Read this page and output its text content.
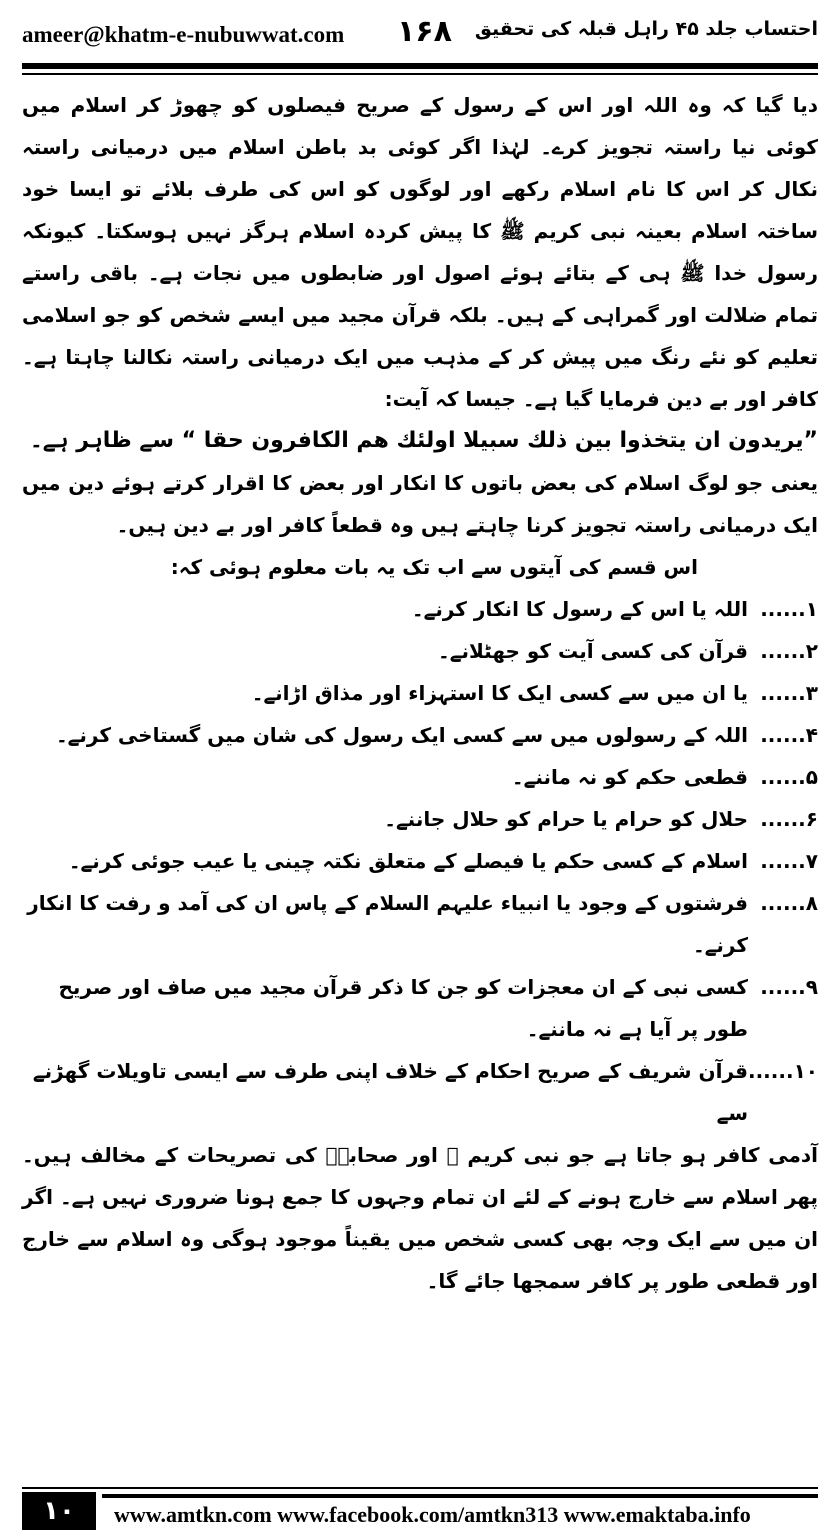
ameer@khatm-e-nubuwwat.com ۱۶۸ احتساب جلد ۴۵ راہل قبلہ کی تحقیق

دیا گیا کہ وہ اللہ اور اس کے رسول کے صریح فیصلوں کو چھوڑ کر اسلام میں کوئی نیا راستہ تجویز کرے۔ لہٰذا اگر کوئی بد باطن اسلام میں درمیانی راستہ نکال کر اس کا نام اسلام رکھے اور لوگوں کو اس کی طرف بلائے تو ایسا خود ساختہ اسلام بعینہ نبی کریم ﷺ کا پیش کردہ اسلام ہرگز نہیں ہوسکتا۔ کیونکہ رسول خدا ﷺ ہی کے بتائے ہوئے اصول اور ضابطوں میں نجات ہے۔ باقی راستے تمام ضلالت اور گمراہی کے ہیں۔ بلکہ قرآن مجید میں ایسے شخص کو جو اسلامی تعلیم کو نئے رنگ میں پیش کر کے مذہب میں ایک درمیانی راستہ نکالنا چاہتا ہے۔ کافر اور بے دین فرمایا گیا ہے۔ جیسا کہ آیت:

”یریدون ان یتخذوا بین ذلك سبیلا اولئك هم الکافرون حقا “ سے ظاہر ہے۔

یعنی جو لوگ اسلام کی بعض باتوں کا انکار اور بعض کا اقرار کرتے ہوئے دین میں ایک درمیانی راستہ تجویز کرنا چاہتے ہیں وہ قطعاً کافر اور بے دین ہیں۔

اس قسم کی آیتوں سے اب تک یہ بات معلوم ہوئی کہ:

۱......
اللہ یا اس کے رسول کا انکار کرنے۔
۲......
قرآن کی کسی آیت کو جھٹلانے۔
۳......
یا ان میں سے کسی ایک کا استہزاء اور مذاق اڑانے۔
۴......
اللہ کے رسولوں میں سے کسی ایک رسول کی شان میں گستاخی کرنے۔
۵......
قطعی حکم کو نہ ماننے۔
۶......
حلال کو حرام یا حرام کو حلال جاننے۔
۷......
اسلام کے کسی حکم یا فیصلے کے متعلق نکتہ چینی یا عیب جوئی کرنے۔
۸......
فرشتوں کے وجود یا انبیاء علیہم السلام کے پاس ان کی آمد و رفت کا انکار کرنے۔
۹......
کسی نبی کے ان معجزات کو جن کا ذکر قرآن مجید میں صاف اور صریح طور پر آیا ہے نہ ماننے۔
۱۰......
قرآن شریف کے صریح احکام کے خلاف اپنی طرف سے ایسی تاویلات گھڑنے سے

آدمی کافر ہو جاتا ہے جو نبی کریم ﷺ اور صحابہؓ کی تصریحات کے مخالف ہیں۔ پھر اسلام سے خارج ہونے کے لئے ان تمام وجہوں کا جمع ہونا ضروری نہیں ہے۔ اگر ان میں سے ایک وجہ بھی کسی شخص میں یقیناً موجود ہوگی وہ اسلام سے خارج اور قطعی طور پر کافر سمجھا جائے گا۔

۱۰	www.amtkn.com www.facebook.com/amtkn313 www.emaktaba.info
